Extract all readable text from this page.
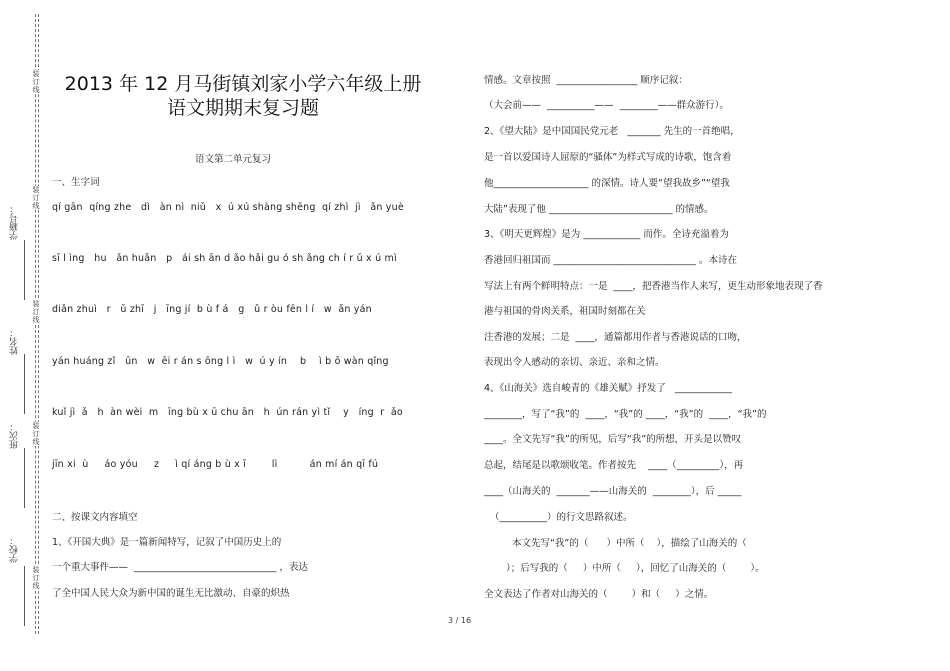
装订线
装订线
装订线
装订线
装订线
学籍号：
姓名：
班次：
学校：
2013 年 12 月马街镇刘家小学六年级上册
语文期期末复习题
语文第二单元复习
一、生字词
qí gān  qíng zhe   dì   àn nì  niǔ   x  ú xú shàng shēng  qí zhì  jì   ǎn yuè
sī l ìng   hu   ǎn huǎn   p   ái sh ān d ǎo hǎi gu ó sh ǎng ch í r ǔ x ú mì
diǎn zhuì   r   ǔ zhī   j   īng jí  b ù f á   g   ǔ r òu fēn l í   w  ǎn yán
yán huáng zǐ   ūn   w  ēi r án s ōng l ì   w  ú y ín    b    ì b ō wàn qǐng
kuǐ jì  ǎ   h  àn wèi  m   īng bù x ū chu ān   h  ún rán yì tǐ    y   íng  r  ǎo
jīn xi  ù     áo yóu     z     ì qí áng b ù x ī        lì          án mí án qī fú
二、按课文内容填空
1、《开国大典》是一篇新闻特写，记叙了中国历史上的
一个重大事件——  ______________________________ ，表达
了全中国人民大众为新中国的诞生无比激动、自豪的炽热
情感。文章按照  _________________ 顺序记叙：
（大会前——  __________——  ________——群众游行）。
2、《望大陆》是中国国民党元老   _______ 先生的一首绝唱，
是一首以爱国诗人屈原的“骚体”为样式写成的诗歌，饱含着
他____________________ 的深情。诗人要“望我故乡”“望我
大陆”表现了他 __________________________ 的情感。
3、《明天更辉煌》是为 ____________ 而作。全诗充溢着为
香港回归祖国而 ______________________________ 。本诗在
写法上有两个鲜明特点：一是  ____，把香港当作人来写，更生动形象地表现了香
港与祖国的骨肉关系，祖国时刻都在关
注香港的发展；二是  ____，通篇都用作者与香港说话的口吻，
表现出令人感动的亲切、亲近、亲和之情。
4、《山海关》选自峻青的《雄关赋》抒发了   ____________
________，写了“我”的  ____，“我”的 ____，“我”的  ____，“我”的
____。全文先写“我”的所见，后写“我”的所想，开头是以赞叹
总起，结尾是以歌颂收笔。作者按先    ____（_________），再
____（山海关的  _______——山海关的  ________），后 _____
（__________）的行文思路叙述。
本文先写“我”的（      ）中所（    ），描绘了山海关的（
）；后写我的（     ）中所（     ），回忆了山海关的（        ）。
全文表达了作者对山海关的（        ）和（     ）之情。
3 / 16
